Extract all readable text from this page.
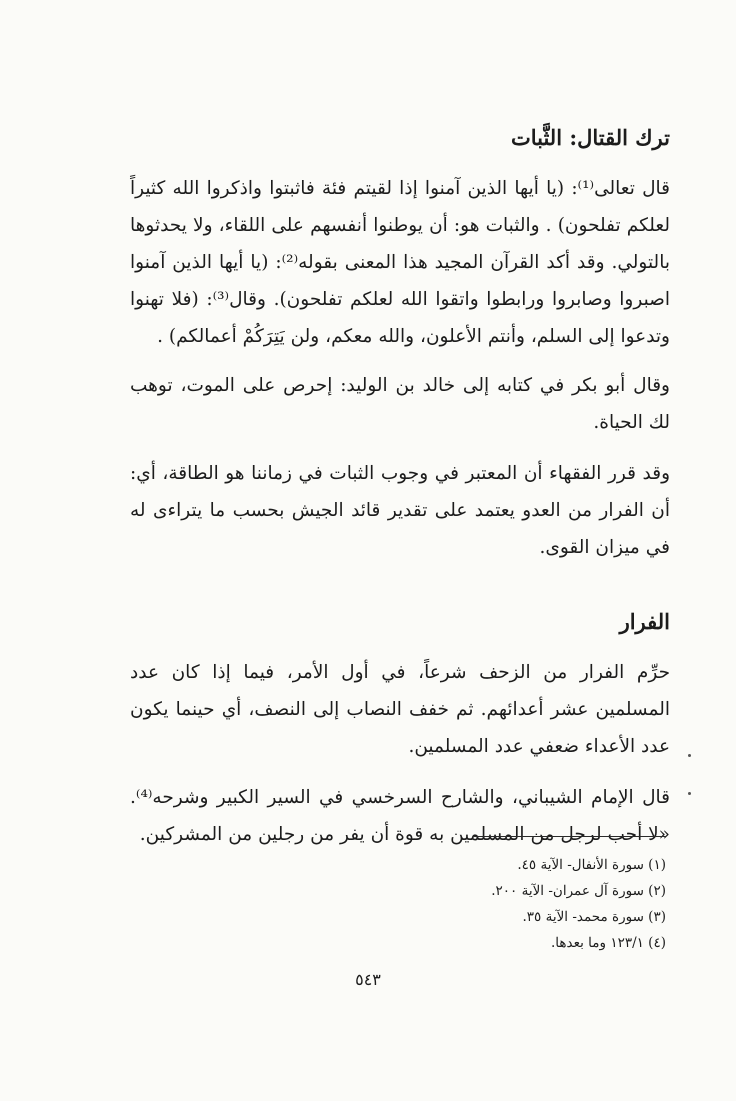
ترك القتال: الثَّبات

قال تعالى⁽¹⁾: (يا أيها الذين آمنوا إذا لقيتم فئة فاثبتوا واذكروا الله كثيراً لعلكم تفلحون) . والثبات هو: أن يوطنوا أنفسهم على اللقاء، ولا يحدثوها بالتولي. وقد أكد القرآن المجيد هذا المعنى بقوله⁽²⁾: (يا أيها الذين آمنوا اصبروا وصابروا ورابطوا واتقوا الله لعلكم تفلحون). وقال⁽³⁾: (فلا تهنوا وتدعوا إلى السلم، وأنتم الأعلون، والله معكم، ولن يَتِرَكُمْ أعمالكم) .

وقال أبو بكر في كتابه إلى خالد بن الوليد: إحرص على الموت، توهب لك الحياة.

وقد قرر الفقهاء أن المعتبر في وجوب الثبات في زماننا هو الطاقة، أي: أن الفرار من العدو يعتمد على تقدير قائد الجيش بحسب ما يتراءى له في ميزان القوى.

الفرار

حرِّم الفرار من الزحف شرعاً، في أول الأمر، فيما إذا كان عدد المسلمين عشر أعدائهم. ثم خفف النصاب إلى النصف، أي حينما يكون عدد الأعداء ضعفي عدد المسلمين.

قال الإمام الشيباني، والشارح السرخسي في السير الكبير وشرحه⁽⁴⁾. «لا أحب لرجل من المسلمين به قوة أن يفر من رجلين من المشركين.

(١) سورة الأنفال- الآية ٤٥.
(٢) سورة آل عمران- الآية ٢٠٠.
(٣) سورة محمد- الآية ٣٥.
(٤) ١٢٣/١ وما بعدها.
٥٤٣
